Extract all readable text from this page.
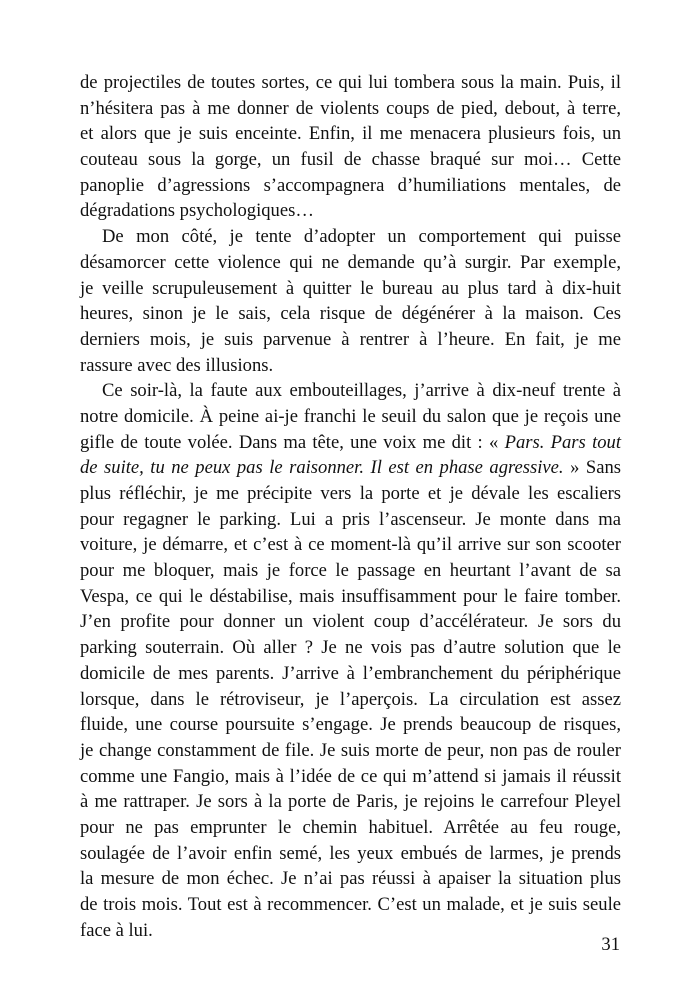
de projectiles de toutes sortes, ce qui lui tombera sous la main. Puis, il
n’hésitera pas à me donner de violents coups de pied, debout, à terre,
et alors que je suis enceinte. Enfin, il me menacera plusieurs fois, un
couteau sous la gorge, un fusil de chasse braqué sur moi… Cette
panoplie d’agressions s’accompagnera d’humiliations mentales, de
dégradations psychologiques…
De mon côté, je tente d’adopter un comportement qui puisse
désamorcer cette violence qui ne demande qu’à surgir. Par exemple,
je veille scrupuleusement à quitter le bureau au plus tard à dix-huit
heures, sinon je le sais, cela risque de dégénérer à la maison. Ces
derniers mois, je suis parvenue à rentrer à l’heure. En fait, je me
rassure avec des illusions.
Ce soir-là, la faute aux embouteillages, j’arrive à dix-neuf trente à
notre domicile. À peine ai-je franchi le seuil du salon que je reçois une
gifle de toute volée. Dans ma tête, une voix me dit : « Pars. Pars tout
de suite, tu ne peux pas le raisonner. Il est en phase agressive. » Sans
plus réfléchir, je me précipite vers la porte et je dévale les escaliers
pour regagner le parking. Lui a pris l’ascenseur. Je monte dans ma
voiture, je démarre, et c’est à ce moment-là qu’il arrive sur son scooter
pour me bloquer, mais je force le passage en heurtant l’avant de sa
Vespa, ce qui le déstabilise, mais insuffisamment pour le faire tomber.
J’en profite pour donner un violent coup d’accélérateur. Je sors du
parking souterrain. Où aller ? Je ne vois pas d’autre solution que le
domicile de mes parents. J’arrive à l’embranchement du périphérique
lorsque, dans le rétroviseur, je l’aperçois. La circulation est assez
fluide, une course poursuite s’engage. Je prends beaucoup de risques,
je change constamment de file. Je suis morte de peur, non pas de rouler
comme une Fangio, mais à l’idée de ce qui m’attend si jamais il réussit
à me rattraper. Je sors à la porte de Paris, je rejoins le carrefour Pleyel
pour ne pas emprunter le chemin habituel. Arrêtée au feu rouge,
soulagée de l’avoir enfin semé, les yeux embués de larmes, je prends
la mesure de mon échec. Je n’ai pas réussi à apaiser la situation plus
de trois mois. Tout est à recommencer. C’est un malade, et je suis seule
face à lui.
31
